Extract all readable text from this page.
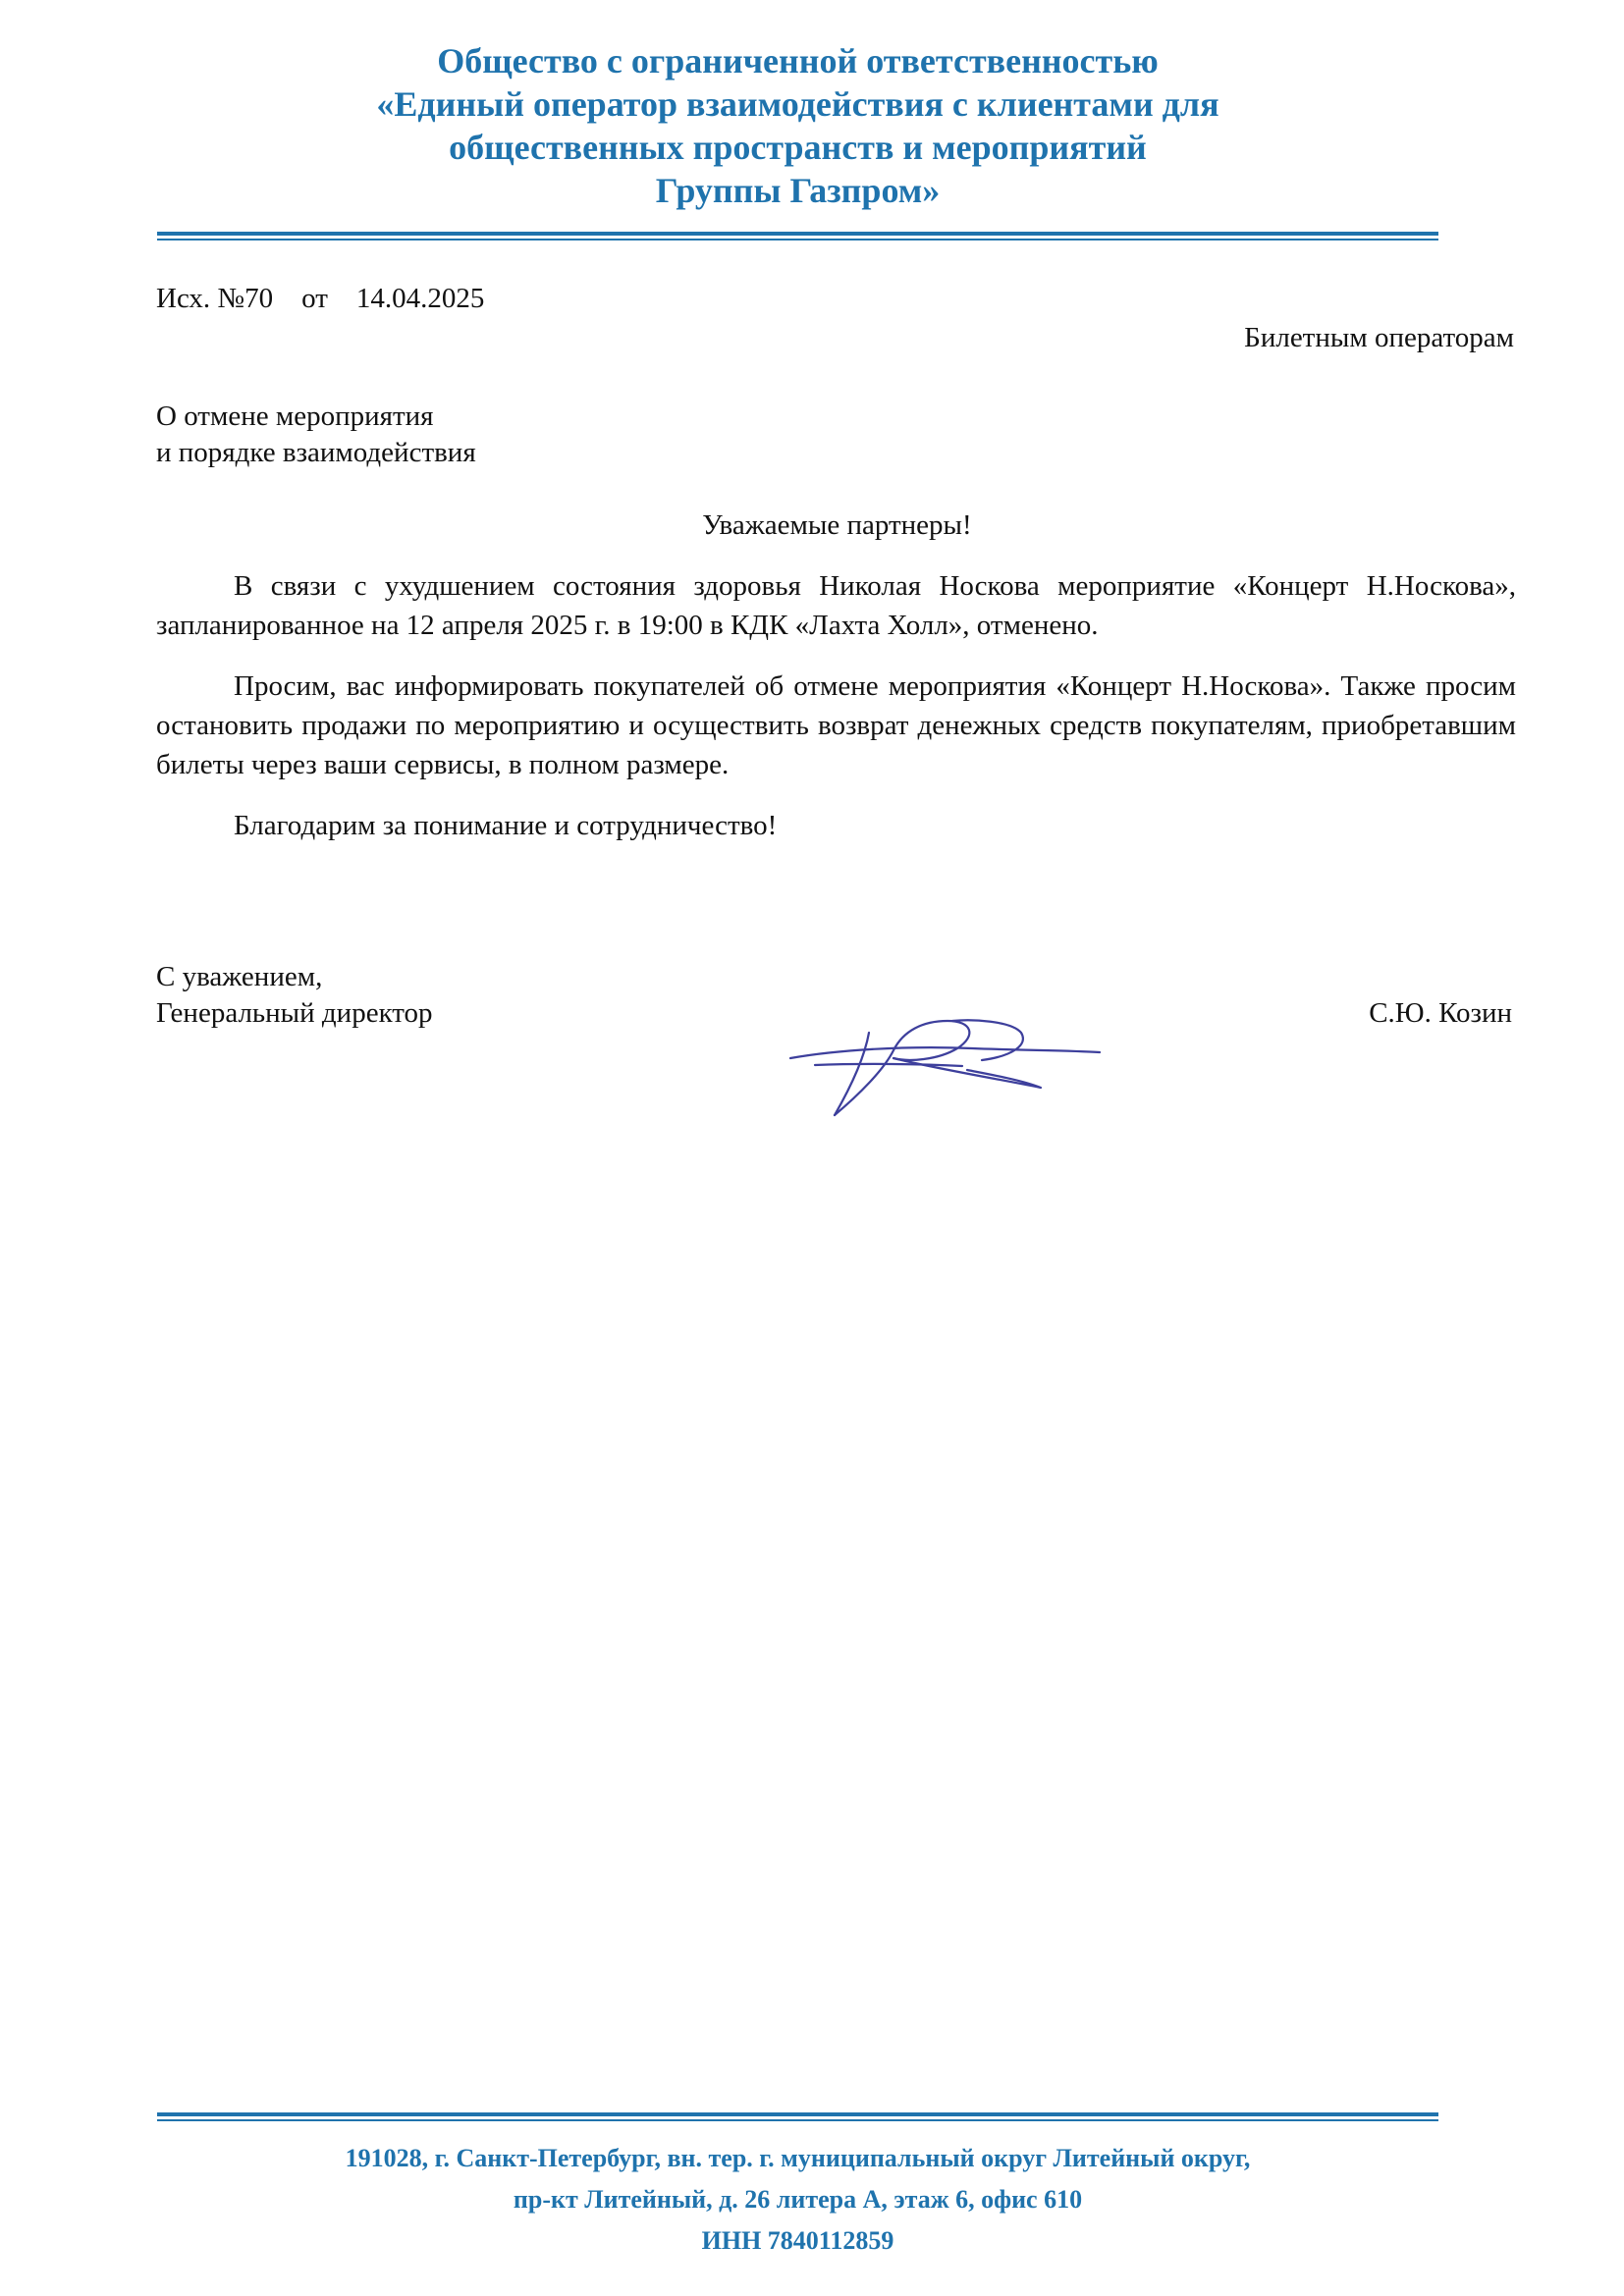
Общество с ограниченной ответственностью
«Единый оператор взаимодействия с клиентами для
общественных пространств и мероприятий
Группы Газпром»
Исх. №70 от 14.04.2025
Билетным операторам
О отмене мероприятия
и порядке взаимодействия
Уважаемые партнеры!

В связи с ухудшением состояния здоровья Николая Носкова мероприятие «Концерт Н.Носкова», запланированное на 12 апреля 2025 г. в 19:00 в КДК «Лахта Холл», отменено.

Просим, вас информировать покупателей об отмене мероприятия «Концерт Н.Носкова». Также просим остановить продажи по мероприятию и осуществить возврат денежных средств покупателям, приобретавшим билеты через ваши сервисы, в полном размере.

Благодарим за понимание и сотрудничество!

С уважением,
Генеральный директор	С.Ю. Козин
191028, г. Санкт-Петербург, вн. тер. г. муниципальный округ Литейный округ,
пр-кт Литейный, д. 26 литера А, этаж 6, офис 610
ИНН 7840112859
